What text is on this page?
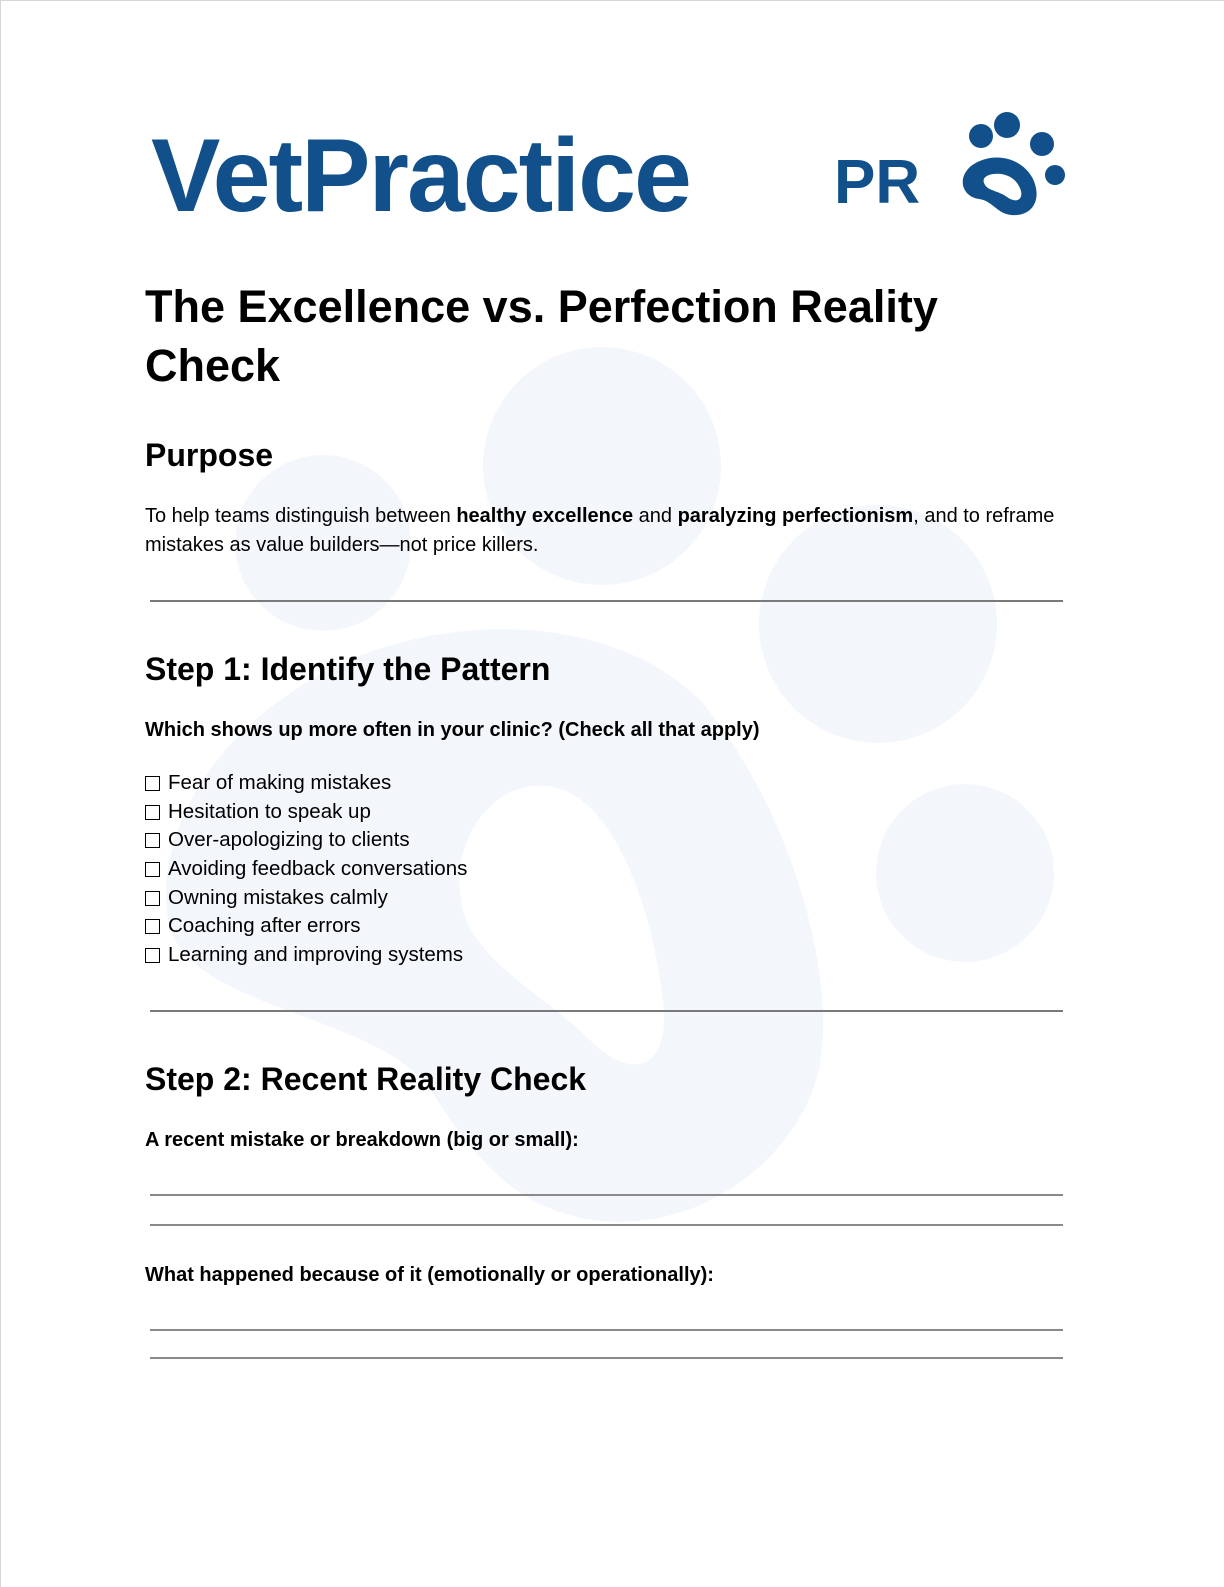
VetPractice PR
The Excellence vs. Perfection Reality Check
Purpose

To help teams distinguish between healthy excellence and paralyzing perfectionism, and to reframe mistakes as value builders—not price killers.

Step 1: Identify the Pattern

Which shows up more often in your clinic? (Check all that apply)

Fear of making mistakes
Hesitation to speak up
Over-apologizing to clients
Avoiding feedback conversations
Owning mistakes calmly
Coaching after errors
Learning and improving systems
Step 2: Recent Reality Check

A recent mistake or breakdown (big or small):

What happened because of it (emotionally or operationally):
